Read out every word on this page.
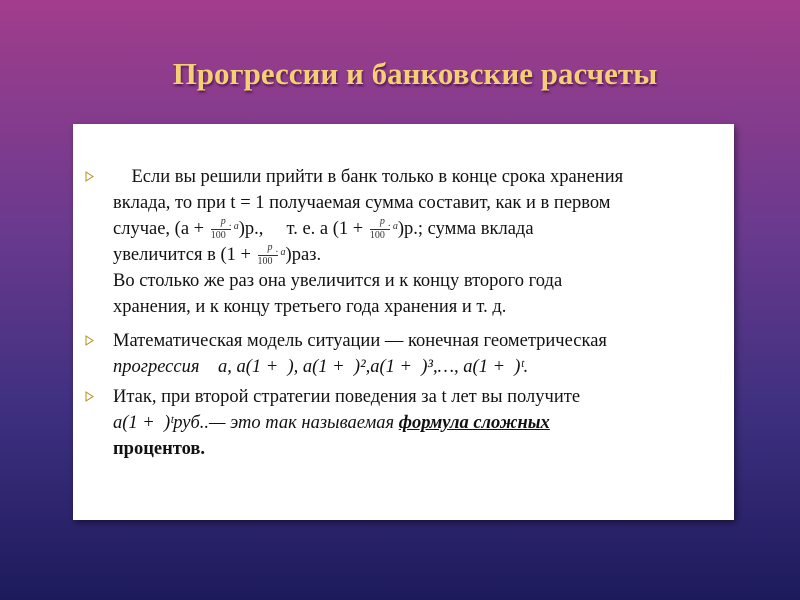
Прогрессии и банковские расчеты
 Если вы решили прийти в банк только в конце срока хранения
вклада, то при t = 1 получаемая сумма составит, как и в первом
случае, (a + p
100
· a )р.,  т. е. a (1 + p
100
· a )р.; сумма вклада
увеличится в (1 + p
100
· a )раз.
Во столько же раз она увеличится и к концу второго года
хранения, и к концу третьего года хранения и т. д.
Математическая модель ситуации — конечная геометрическая
прогрессия a, a(1 + ), a(1 + )²,a(1 + )³,…, a(1 + )ᵗ.
Итак, при второй стратегии поведения за t лет вы получите
a(1 + )ᵗруб..— это так называемая формула сложных
процентов.
